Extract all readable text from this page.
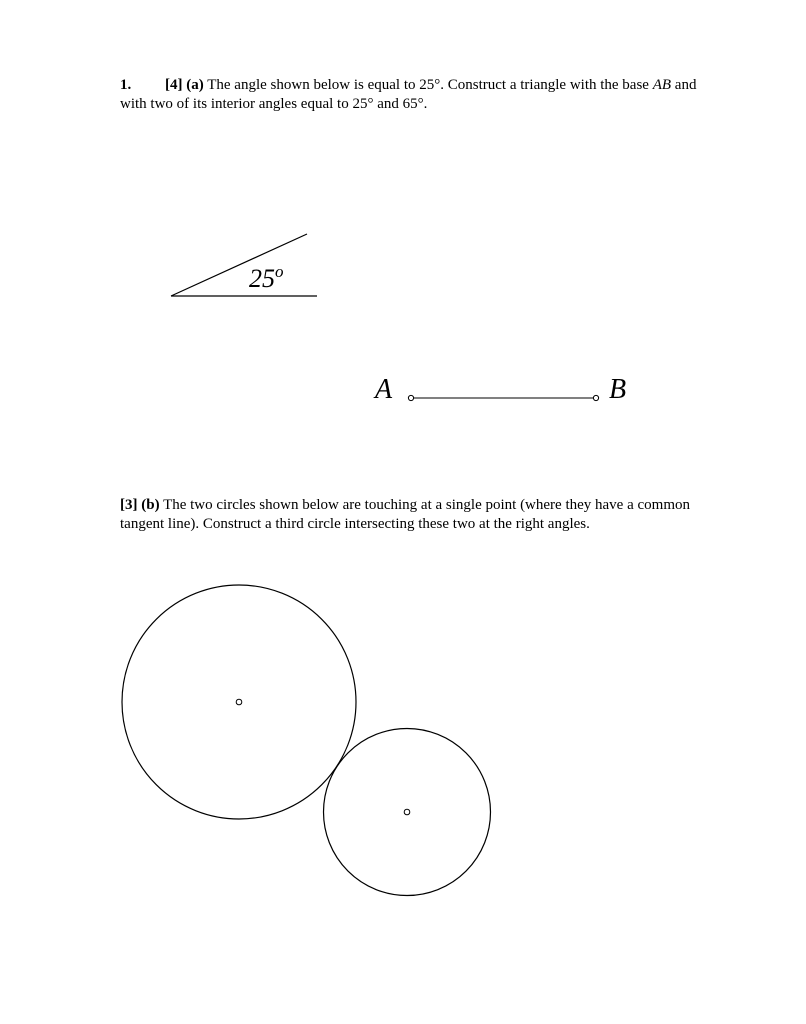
1. [4] (a) The angle shown below is equal to 25°. Construct a triangle with the base AB and with two of its interior angles equal to 25° and 65°.

[3] (b) The two circles shown below are touching at a single point (where they have a common tangent line). Construct a third circle intersecting these two at the right angles.

25$^o$
A	B
